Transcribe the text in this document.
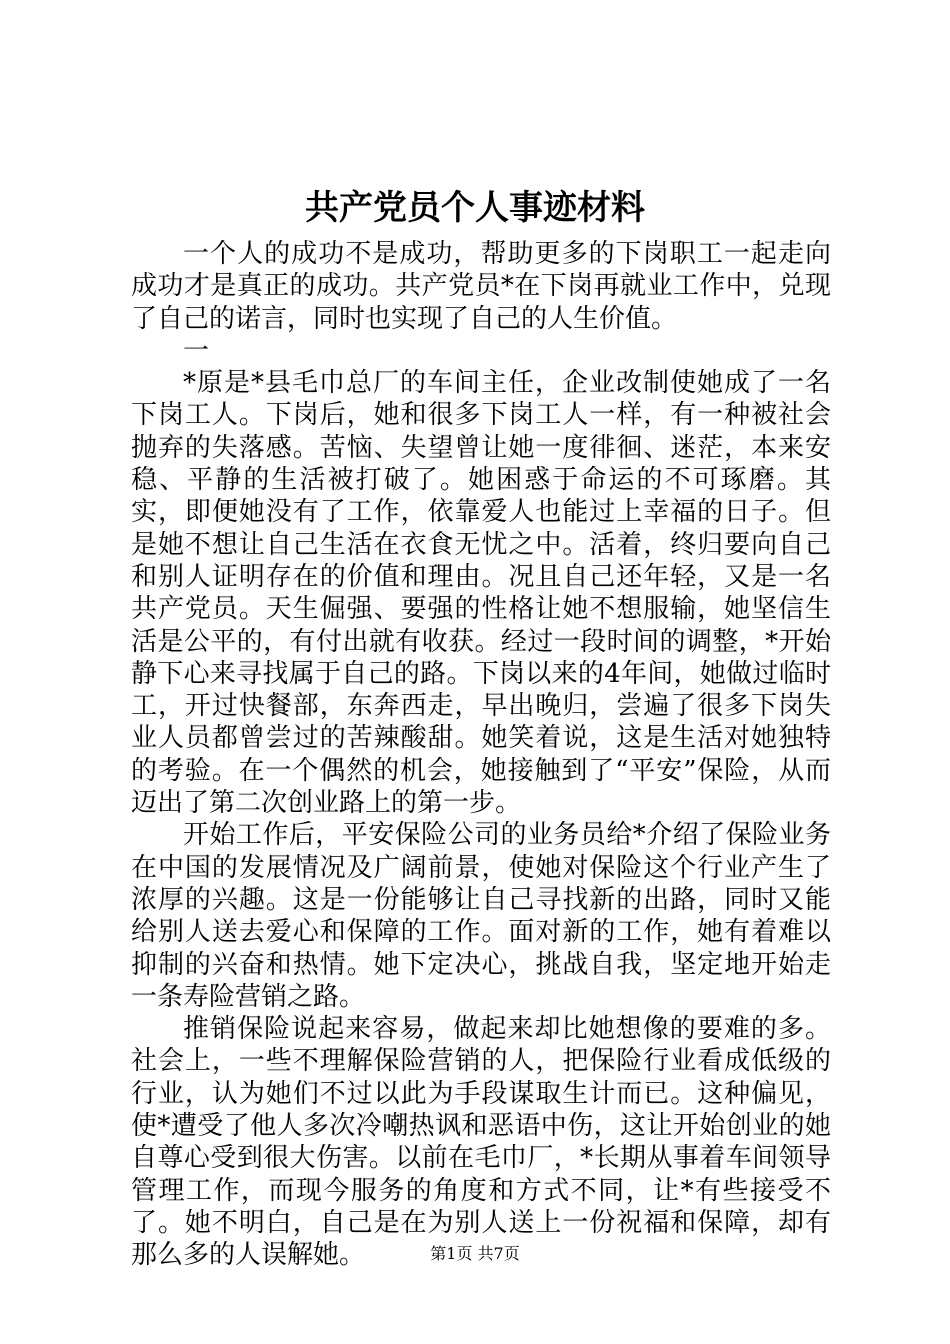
共产党员个人事迹材料

一个人的成功不是成功，帮助更多的下岗职工一起走向成功才是真正的成功。共产党员*在下岗再就业工作中，兑现了自己的诺言，同时也实现了自己的人生价值。

一

*原是*县毛巾总厂的车间主任，企业改制使她成了一名下岗工人。下岗后，她和很多下岗工人一样，有一种被社会抛弃的失落感。苦恼、失望曾让她一度徘徊、迷茫，本来安稳、平静的生活被打破了。她困惑于命运的不可琢磨。其实，即便她没有了工作，依靠爱人也能过上幸福的日子。但是她不想让自己生活在衣食无忧之中。活着，终归要向自己和别人证明存在的价值和理由。况且自己还年轻，又是一名共产党员。天生倔强、要强的性格让她不想服输，她坚信生活是公平的，有付出就有收获。经过一段时间的调整，*开始静下心来寻找属于自己的路。下岗以来的4年间，她做过临时工，开过快餐部，东奔西走，早出晚归，尝遍了很多下岗失业人员都曾尝过的苦辣酸甜。她笑着说，这是生活对她独特的考验。在一个偶然的机会，她接触到了“平安”保险，从而迈出了第二次创业路上的第一步。

开始工作后，平安保险公司的业务员给*介绍了保险业务在中国的发展情况及广阔前景，使她对保险这个行业产生了浓厚的兴趣。这是一份能够让自己寻找新的出路，同时又能给别人送去爱心和保障的工作。面对新的工作，她有着难以抑制的兴奋和热情。她下定决心，挑战自我，坚定地开始走一条寿险营销之路。

推销保险说起来容易，做起来却比她想像的要难的多。社会上，一些不理解保险营销的人，把保险行业看成低级的行业，认为她们不过以此为手段谋取生计而已。这种偏见，使*遭受了他人多次冷嘲热讽和恶语中伤，这让开始创业的她自尊心受到很大伤害。以前在毛巾厂，*长期从事着车间领导管理工作，而现今服务的角度和方式不同，让*有些接受不了。她不明白，自己是在为别人送上一份祝福和保障，却有那么多的人误解她。	第1页 共7页
